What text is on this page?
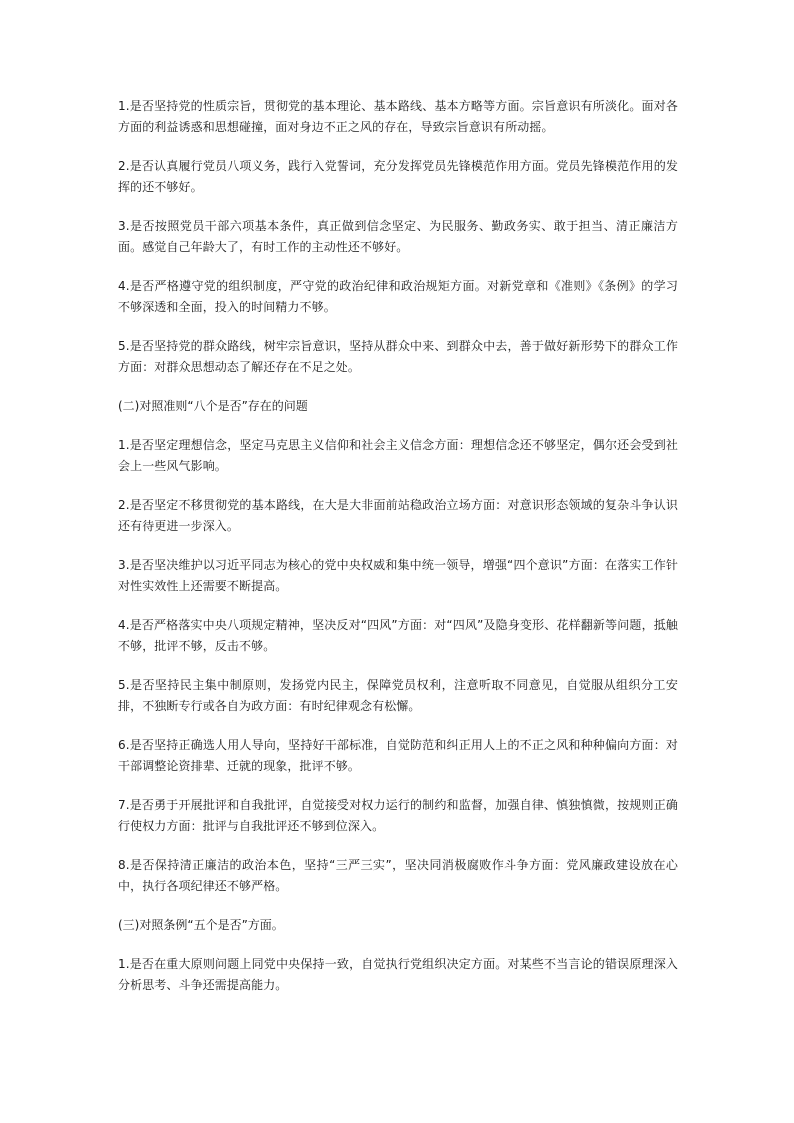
1.是否坚持党的性质宗旨，贯彻党的基本理论、基本路线、基本方略等方面。宗旨意识有所淡化。面对各方面的利益诱惑和思想碰撞，面对身边不正之风的存在，导致宗旨意识有所动摇。

2.是否认真履行党员八项义务，践行入党誓词，充分发挥党员先锋模范作用方面。党员先锋模范作用的发挥的还不够好。

3.是否按照党员干部六项基本条件，真正做到信念坚定、为民服务、勤政务实、敢于担当、清正廉洁方面。感觉自己年龄大了，有时工作的主动性还不够好。

4.是否严格遵守党的组织制度，严守党的政治纪律和政治规矩方面。对新党章和《准则》《条例》的学习不够深透和全面，投入的时间精力不够。

5.是否坚持党的群众路线，树牢宗旨意识，坚持从群众中来、到群众中去，善于做好新形势下的群众工作方面：对群众思想动态了解还存在不足之处。

(二)对照准则“八个是否”存在的问题

1.是否坚定理想信念，坚定马克思主义信仰和社会主义信念方面：理想信念还不够坚定，偶尔还会受到社会上一些风气影响。

2.是否坚定不移贯彻党的基本路线，在大是大非面前站稳政治立场方面：对意识形态领域的复杂斗争认识还有待更进一步深入。

3.是否坚决维护以习近平同志为核心的党中央权威和集中统一领导，增强“四个意识”方面：在落实工作针对性实效性上还需要不断提高。

4.是否严格落实中央八项规定精神，坚决反对“四风”方面：对“四风”及隐身变形、花样翻新等问题，抵触不够，批评不够，反击不够。

5.是否坚持民主集中制原则，发扬党内民主，保障党员权利，注意听取不同意见，自觉服从组织分工安排，不独断专行或各自为政方面：有时纪律观念有松懈。

6.是否坚持正确选人用人导向，坚持好干部标准，自觉防范和纠正用人上的不正之风和种种偏向方面：对干部调整论资排辈、迁就的现象，批评不够。

7.是否勇于开展批评和自我批评，自觉接受对权力运行的制约和监督，加强自律、慎独慎微，按规则正确行使权力方面：批评与自我批评还不够到位深入。

8.是否保持清正廉洁的政治本色，坚持“三严三实”，坚决同消极腐败作斗争方面：党风廉政建设放在心中，执行各项纪律还不够严格。

(三)对照条例“五个是否”方面。

1.是否在重大原则问题上同党中央保持一致，自觉执行党组织决定方面。对某些不当言论的错误原理深入分析思考、斗争还需提高能力。
